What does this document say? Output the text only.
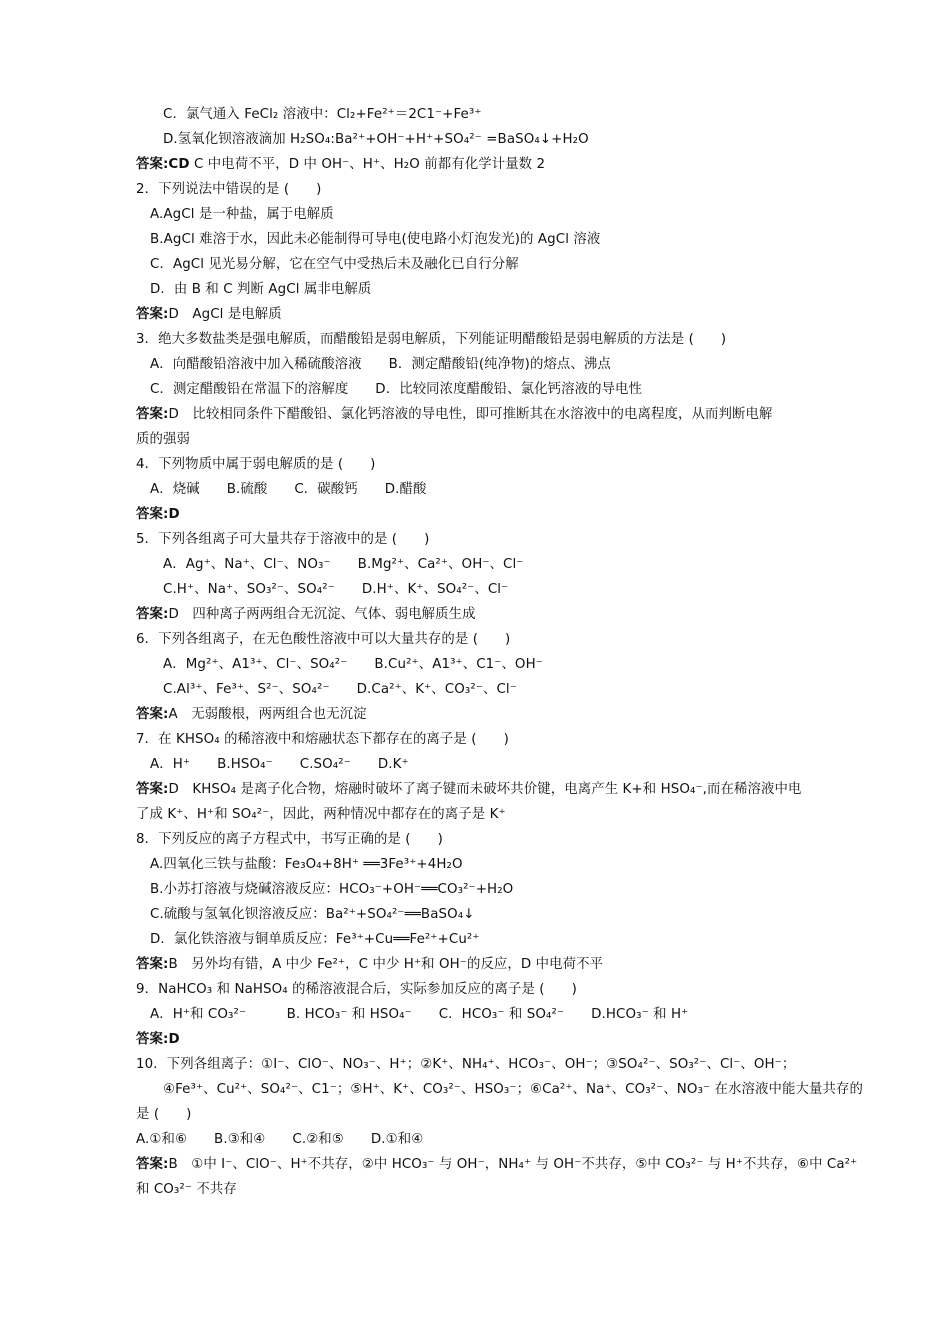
C．氯气通入 FeCl₂ 溶液中：Cl₂+Fe²⁺＝2C1⁻+Fe³⁺
D.氢氧化钡溶液滴加 H₂SO₄:Ba²⁺+OH⁻+H⁺+SO₄²⁻ =BaSO₄↓+H₂O
答案:CD C 中电荷不平，D 中 OH⁻、H⁺、H₂O 前都有化学计量数 2
2．下列说法中错误的是 (　　)
A.AgCl 是一种盐，属于电解质
B.AgCl 难溶于水，因此未必能制得可导电(使电路小灯泡发光)的 AgCl 溶液
C．AgCl 见光易分解，它在空气中受热后未及融化已自行分解
D．由 B 和 C 判断 AgCl 属非电解质
答案:D　AgCl 是电解质
3．绝大多数盐类是强电解质，而醋酸铅是弱电解质，下列能证明醋酸铅是弱电解质的方法是 (　　)
A．向醋酸铅溶液中加入稀硫酸溶液　　B．测定醋酸铅(纯净物)的熔点、沸点
C．测定醋酸铅在常温下的溶解度　　D．比较同浓度醋酸铅、氯化钙溶液的导电性
答案:D　比较相同条件下醋酸铅、氯化钙溶液的导电性，即可推断其在水溶液中的电离程度，从而判断电解
质的强弱
4．下列物质中属于弱电解质的是 (　　)
A．烧碱　　B.硫酸　　C．碳酸钙　　D.醋酸
答案:D
5．下列各组离子可大量共存于溶液中的是 (　　)
A．Ag⁺、Na⁺、Cl⁻、NO₃⁻　　B.Mg²⁺、Ca²⁺、OH⁻、Cl⁻
C.H⁺、Na⁺、SO₃²⁻、SO₄²⁻　　D.H⁺、K⁺、SO₄²⁻、Cl⁻
答案:D　四种离子两两组合无沉淀、气体、弱电解质生成
6．下列各组离子，在无色酸性溶液中可以大量共存的是 (　　)
A．Mg²⁺、A1³⁺、Cl⁻、SO₄²⁻　　B.Cu²⁺、A1³⁺、C1⁻、OH⁻
C.Al³⁺、Fe³⁺、S²⁻、SO₄²⁻　　D.Ca²⁺、K⁺、CO₃²⁻、Cl⁻
答案:A　无弱酸根，两两组合也无沉淀
7．在 KHSO₄ 的稀溶液中和熔融状态下都存在的离子是 (　　)
A．H⁺　　B.HSO₄⁻　　C.SO₄²⁻　　D.K⁺
答案:D　KHSO₄ 是离子化合物，熔融时破坏了离子键而未破坏共价键，电离产生 K+和 HSO₄⁻,而在稀溶液中电
了成 K⁺、H⁺和 SO₄²⁻，因此，两种情况中都存在的离子是 K⁺
8．下列反应的离子方程式中，书写正确的是 (　　)
A.四氧化三铁与盐酸：Fe₃O₄+8H⁺ ══3Fe³⁺+4H₂O
B.小苏打溶液与烧碱溶液反应：HCO₃⁻+OH⁻══CO₃²⁻+H₂O
C.硫酸与氢氧化钡溶液反应：Ba²⁺+SO₄²⁻══BaSO₄↓
D．氯化铁溶液与铜单质反应：Fe³⁺+Cu══Fe²⁺+Cu²⁺
答案:B　另外均有错，A 中少 Fe²⁺，C 中少 H⁺和 OH⁻的反应，D 中电荷不平
9．NaHCO₃ 和 NaHSO₄ 的稀溶液混合后，实际参加反应的离子是 (　　)
A．H⁺和 CO₃²⁻　　　B. HCO₃⁻ 和 HSO₄⁻　　C．HCO₃⁻ 和 SO₄²⁻　　D.HCO₃⁻ 和 H⁺
答案:D
10．下列各组离子：①I⁻、ClO⁻、NO₃⁻、H⁺；②K⁺、NH₄⁺、HCO₃⁻、OH⁻；③SO₄²⁻、SO₃²⁻、Cl⁻、OH⁻；
④Fe³⁺、Cu²⁺、SO₄²⁻、C1⁻；⑤H⁺、K⁺、CO₃²⁻、HSO₃⁻；⑥Ca²⁺、Na⁺、CO₃²⁻、NO₃⁻ 在水溶液中能大量共存的
是 (　　)
A.①和⑥　　B.③和④　　C.②和⑤　　D.①和④
答案:B　①中 I⁻、ClO⁻、H⁺不共存，②中 HCO₃⁻ 与 OH⁻，NH₄⁺ 与 OH⁻不共存，⑤中 CO₃²⁻ 与 H⁺不共存，⑥中 Ca²⁺
和 CO₃²⁻ 不共存
